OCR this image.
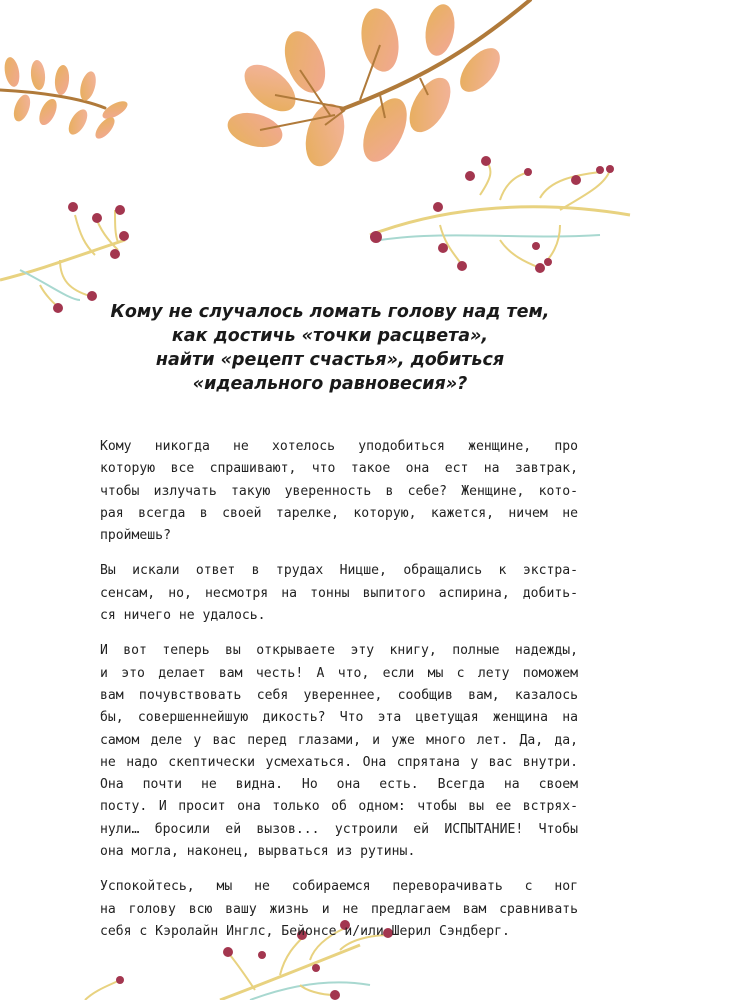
Кому не случалось ломать голову над тем,
как достичь «точки расцвета»,
найти «рецепт счастья», добиться
«идеального равновесия»?
Кому никогда не хотелось уподобиться женщине, про
которую все спрашивают, что такое она ест на завтрак,
чтобы излучать такую уверенность в себе? Женщине, кото-
рая всегда в своей тарелке, которую, кажется, ничем не
проймешь?
Вы искали ответ в трудах Ницше, обращались к экстра-
сенсам, но, несмотря на тонны выпитого аспирина, добить-
ся ничего не удалось.
И вот теперь вы открываете эту книгу, полные надежды,
и это делает вам честь! А что, если мы с лету поможем
вам почувствовать себя увереннее, сообщив вам, казалось
бы, совершеннейшую дикость? Что эта цветущая женщина на
самом деле у вас перед глазами, и уже много лет. Да, да,
не надо скептически усмехаться. Она спрятана у вас внутри.
Она почти не видна. Но она есть. Всегда на своем
посту. И просит она только об одном: чтобы вы ее встрях-
нули… бросили ей вызов... устроили ей ИСПЫТАНИЕ! Чтобы
она могла, наконец, вырваться из рутины.
Успокойтесь, мы не собираемся переворачивать с ног
на голову всю вашу жизнь и не предлагаем вам сравнивать
себя с Кэролайн Инглс, Бейонсе и/или Шерил Сэндберг.
